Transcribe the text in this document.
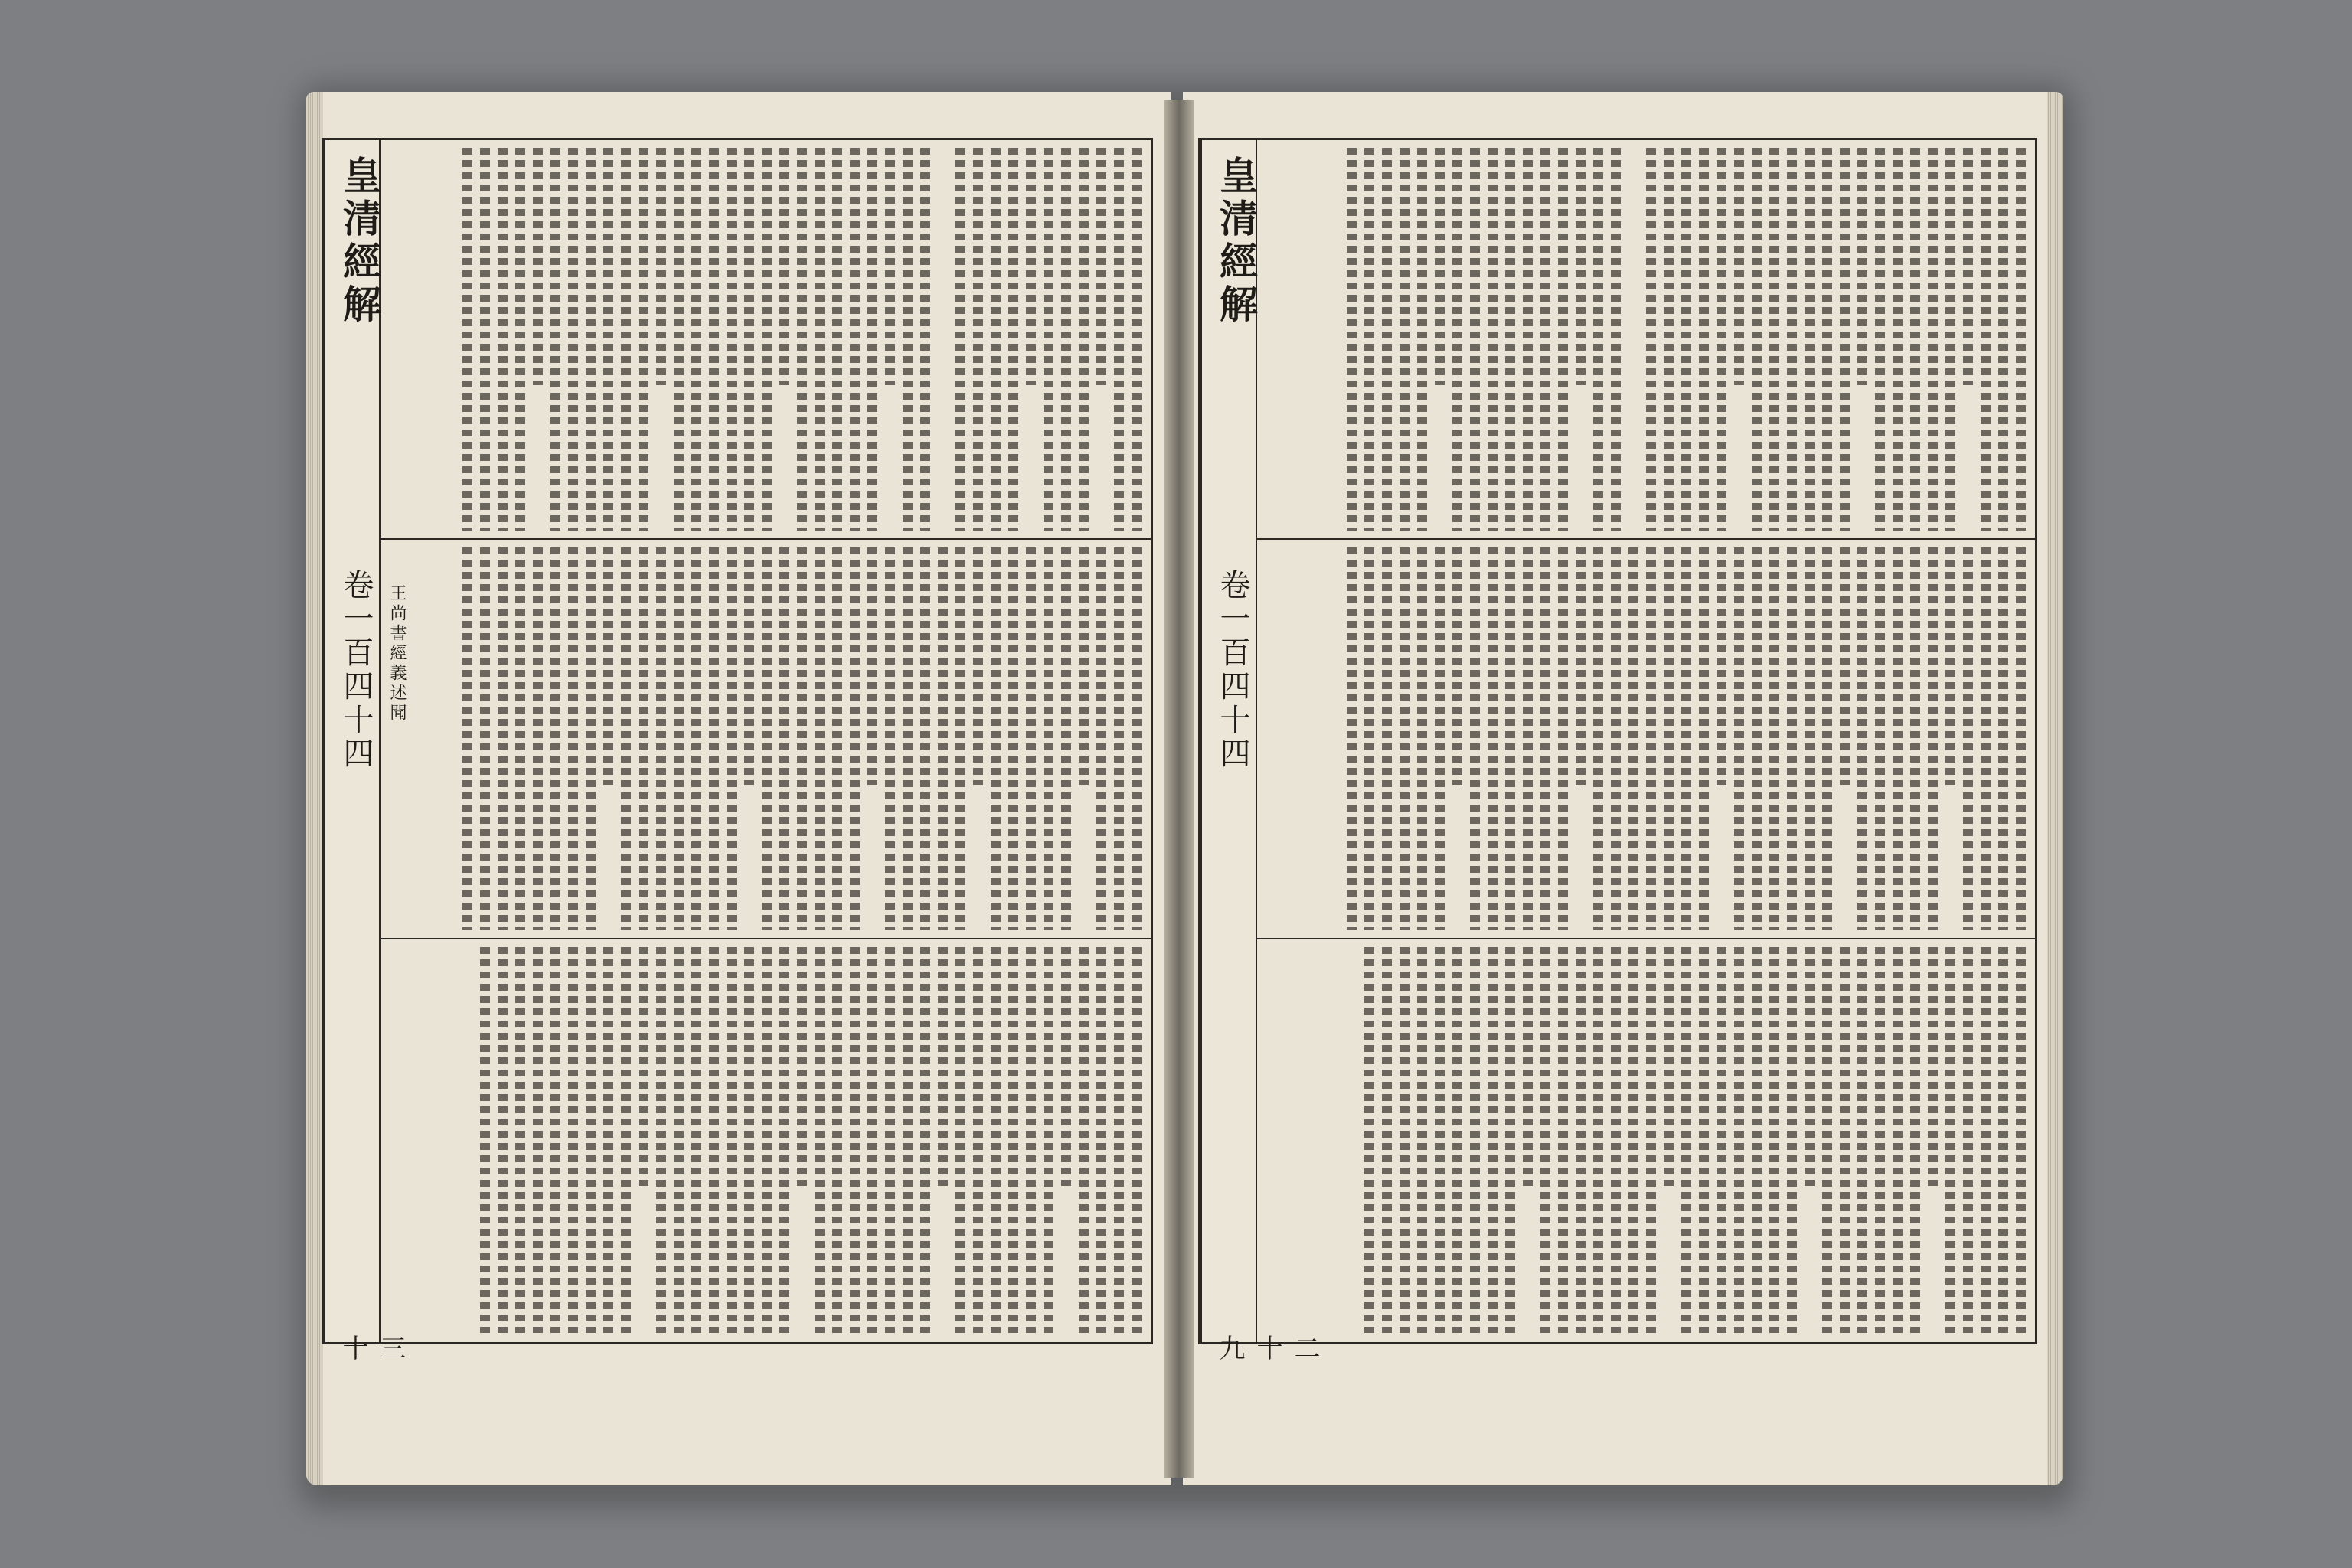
皇清經解
卷一百四十四
三十
王尚書經義述聞
皇清經解
卷一百四十四
二十九
